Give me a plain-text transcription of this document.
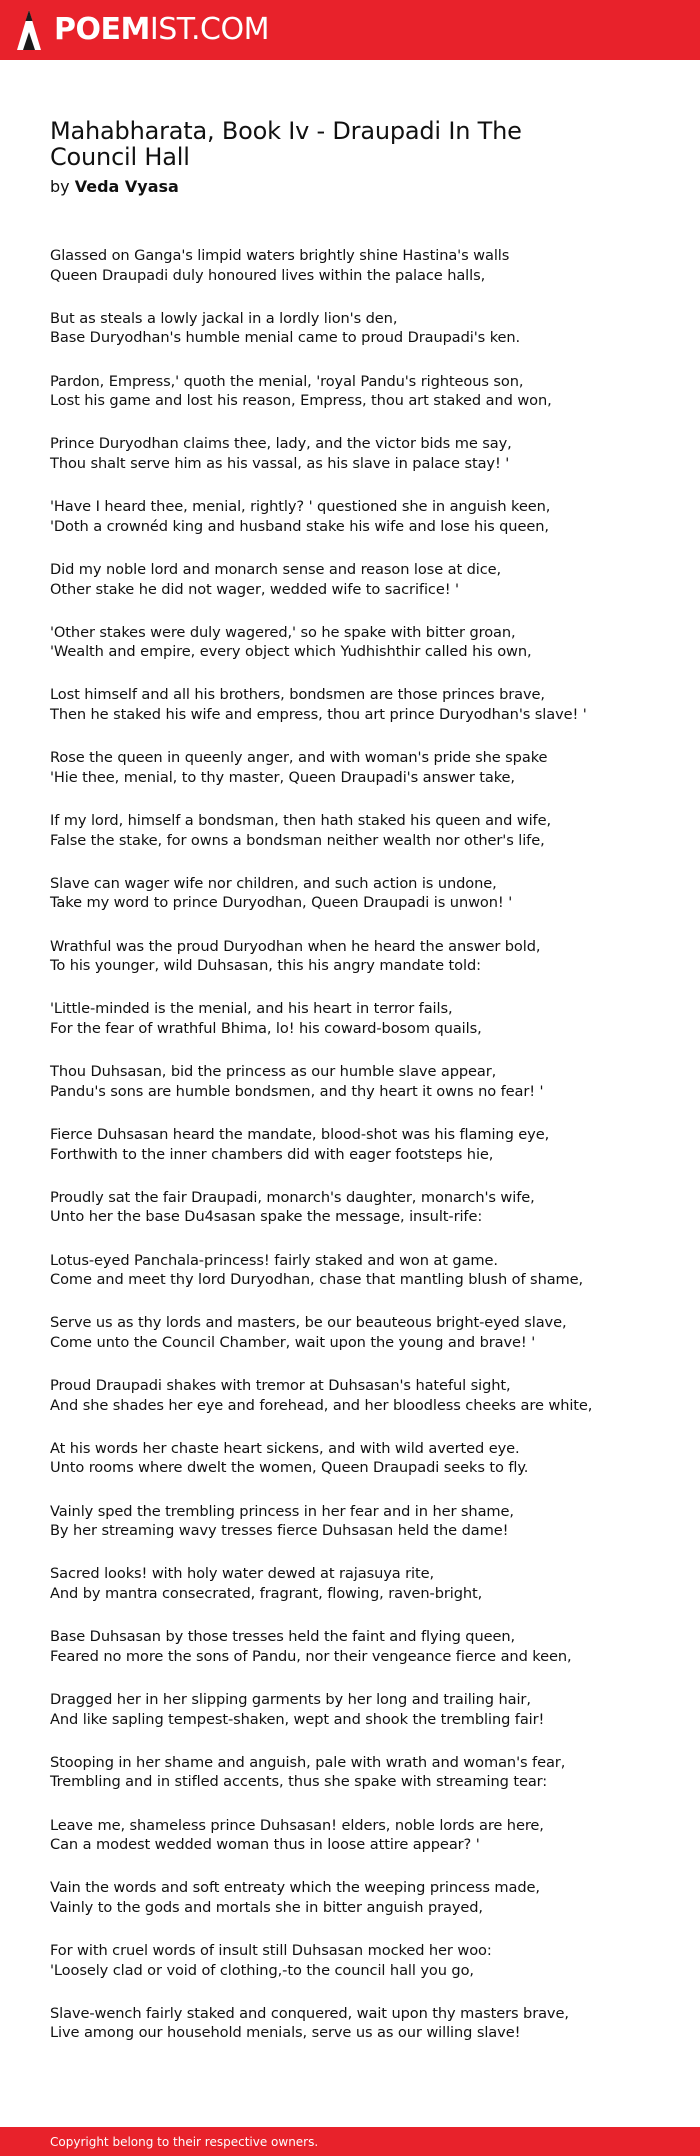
POEMIST.COM
Mahabharata, Book Iv - Draupadi In The Council Hall
by Veda Vyasa
Glassed on Ganga's limpid waters brightly shine Hastina's walls
Queen Draupadi duly honoured lives within the palace halls,
But as steals a lowly jackal in a lordly lion's den,
Base Duryodhan's humble menial came to proud Draupadi's ken.
Pardon, Empress,' quoth the menial, 'royal Pandu's righteous son,
Lost his game and lost his reason, Empress, thou art staked and won,
Prince Duryodhan claims thee, lady, and the victor bids me say,
Thou shalt serve him as his vassal, as his slave in palace stay! '
'Have I heard thee, menial, rightly? ' questioned she in anguish keen,
'Doth a crownéd king and husband stake his wife and lose his queen,
Did my noble lord and monarch sense and reason lose at dice,
Other stake he did not wager, wedded wife to sacrifice! '
'Other stakes were duly wagered,' so he spake with bitter groan,
'Wealth and empire, every object which Yudhishthir called his own,
Lost himself and all his brothers, bondsmen are those princes brave,
Then he staked his wife and empress, thou art prince Duryodhan's slave! '
Rose the queen in queenly anger, and with woman's pride she spake
'Hie thee, menial, to thy master, Queen Draupadi's answer take,
If my lord, himself a bondsman, then hath staked his queen and wife,
False the stake, for owns a bondsman neither wealth nor other's life,
Slave can wager wife nor children, and such action is undone,
Take my word to prince Duryodhan, Queen Draupadi is unwon! '
Wrathful was the proud Duryodhan when he heard the answer bold,
To his younger, wild Duhsasan, this his angry mandate told:
'Little-minded is the menial, and his heart in terror fails,
For the fear of wrathful Bhima, lo! his coward-bosom quails,
Thou Duhsasan, bid the princess as our humble slave appear,
Pandu's sons are humble bondsmen, and thy heart it owns no fear! '
Fierce Duhsasan heard the mandate, blood-shot was his flaming eye,
Forthwith to the inner chambers did with eager footsteps hie,
Proudly sat the fair Draupadi, monarch's daughter, monarch's wife,
Unto her the base Du4sasan spake the message, insult-rife:
Lotus-eyed Panchala-princess! fairly staked and won at game.
Come and meet thy lord Duryodhan, chase that mantling blush of shame,
Serve us as thy lords and masters, be our beauteous bright-eyed slave,
Come unto the Council Chamber, wait upon the young and brave! '
Proud Draupadi shakes with tremor at Duhsasan's hateful sight,
And she shades her eye and forehead, and her bloodless cheeks are white,
At his words her chaste heart sickens, and with wild averted eye.
Unto rooms where dwelt the women, Queen Draupadi seeks to fly.
Vainly sped the trembling princess in her fear and in her shame,
By her streaming wavy tresses fierce Duhsasan held the dame!
Sacred looks! with holy water dewed at rajasuya rite,
And by mantra consecrated, fragrant, flowing, raven-bright,
Base Duhsasan by those tresses held the faint and flying queen,
Feared no more the sons of Pandu, nor their vengeance fierce and keen,
Dragged her in her slipping garments by her long and trailing hair,
And like sapling tempest-shaken, wept and shook the trembling fair!
Stooping in her shame and anguish, pale with wrath and woman's fear,
Trembling and in stifled accents, thus she spake with streaming tear:
Leave me, shameless prince Duhsasan! elders, noble lords are here,
Can a modest wedded woman thus in loose attire appear? '
Vain the words and soft entreaty which the weeping princess made,
Vainly to the gods and mortals she in bitter anguish prayed,
For with cruel words of insult still Duhsasan mocked her woo:
'Loosely clad or void of clothing,-to the council hall you go,
Slave-wench fairly staked and conquered, wait upon thy masters brave,
Live among our household menials, serve us as our willing slave!
Copyright belong to their respective owners.
